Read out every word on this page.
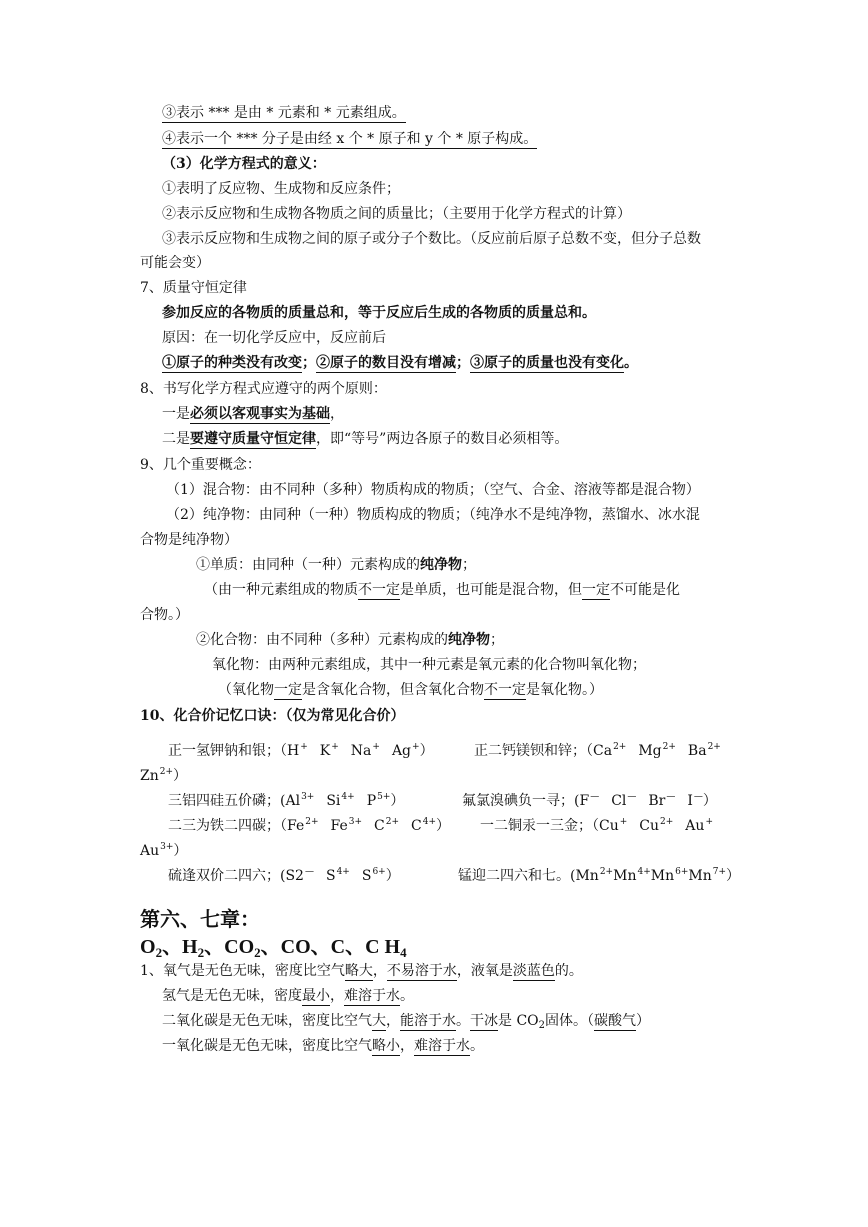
③表示 *** 是由 * 元素和 * 元素组成。
④表示一个 *** 分子是由经 x 个 * 原子和 y 个 * 原子构成。
（3）化学方程式的意义：
①表明了反应物、生成物和反应条件；
②表示反应物和生成物各物质之间的质量比；（主要用于化学方程式的计算）
③表示反应物和生成物之间的原子或分子个数比。（反应前后原子总数不变，但分子总数
可能会变）
7、质量守恒定律
参加反应的各物质的质量总和，等于反应后生成的各物质的质量总和。
原因：在一切化学反应中，反应前后
①原子的种类没有改变；②原子的数目没有增减；③原子的质量也没有变化。
8、书写化学方程式应遵守的两个原则：
一是必须以客观事实为基础，
二是要遵守质量守恒定律，即“等号”两边各原子的数目必须相等。
9、几个重要概念：
（1）混合物：由不同种（多种）物质构成的物质；（空气、合金、溶液等都是混合物）
（2）纯净物：由同种（一种）物质构成的物质；（纯净水不是纯净物，蒸馏水、冰水混
合物是纯净物）
①单质：由同种（一种）元素构成的纯净物；
（由一种元素组成的物质不一定是单质，也可能是混合物，但一定不可能是化
合物。）
②化合物：由不同种（多种）元素构成的纯净物；
氧化物：由两种元素组成，其中一种元素是氧元素的化合物叫氧化物；
（氧化物一定是含氧化合物，但含氧化合物不一定是氧化物。）
10、化合价记忆口诀：（仅为常见化合价）
正一氢钾钠和银；（H+ K+ Na+ Ag+）	正二钙镁钡和锌；（$Ca^{2+}$ $Mg^{2+}$ $Ba^{2+}$
$Zn^{2+}$）
三铝四硅五价磷；($Al^{3+}$ $Si^{4+}$ $P^{5+}$）	氟氯溴碘负一寻；(F— Cl— Br— I—）
二三为铁二四碳；（$Fe^{2+}$ $Fe^{3+}$ $C^{2+}$ $C^{4+}$） 一二铜汞一三金；（Cu+ $Cu^{2+}$ Au+
$Au^{3+}$）
硫逢双价二四六；(S2— $S^{4+}$ $S^{6+}$）	锰迎二四六和七。$(Mn^{2+}Mn^{4+}Mn^{6+}Mn^{7+})$
第六、七章：
$O_2$、$H_2$、$CO_2$、CO、C、C $H_4$
1、氧气是无色无味，密度比空气略大，不易溶于水，液氧是淡蓝色的。
氢气是无色无味，密度最小，难溶于水。
二氧化碳是无色无味，密度比空气大，能溶于水。干冰是 $CO_2$固体。（碳酸气）
一氧化碳是无色无味，密度比空气略小，难溶于水。
